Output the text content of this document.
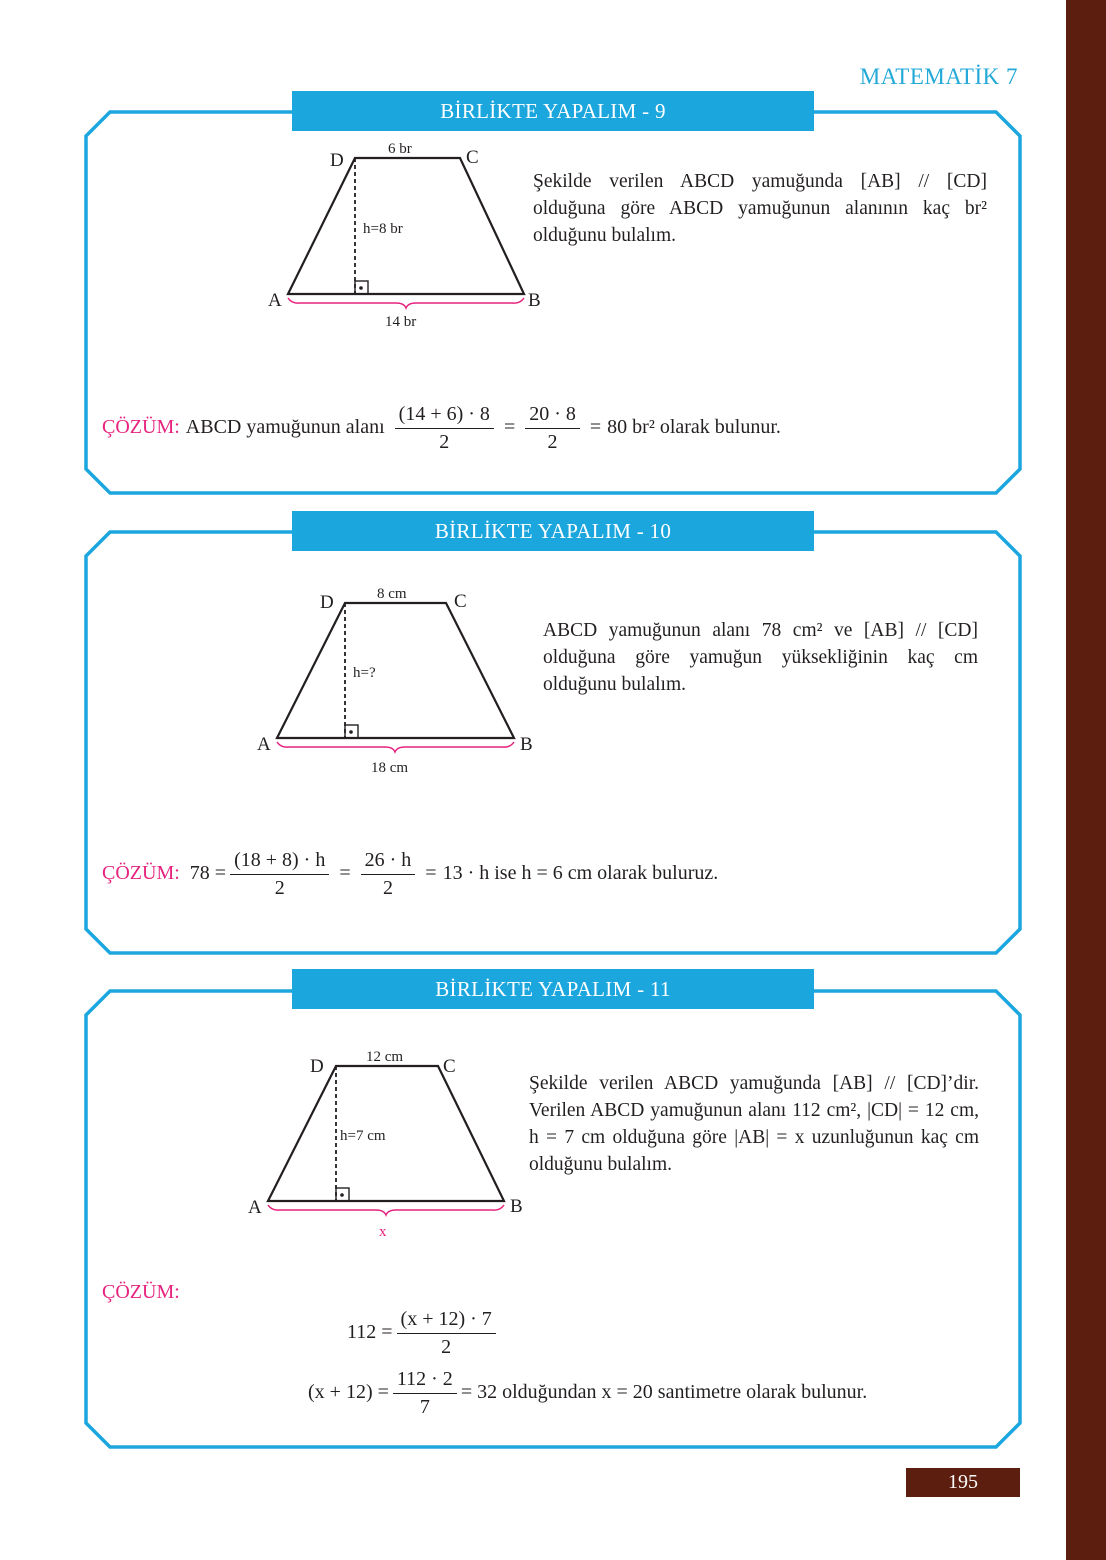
MATEMATİK 7
BİRLİKTE YAPALIM - 9
D	C
A	B
6 br
h=8 br
14 br
Şekilde verilen ABCD yamuğunda [AB] // [CD] olduğuna göre ABCD yamuğunun alanının kaç br² olduğunu bulalım.
ÇÖZÜM: ABCD yamuğunun alanı $\frac{(14 + 6) \cdot 8}{2} = \frac{20 \cdot 8}{2} = 80$ br² olarak bulunur.
BİRLİKTE YAPALIM - 10
D	C
A	B
8 cm
h=?
18 cm
ABCD yamuğunun alanı 78 cm² ve [AB] // [CD] olduğuna göre yamuğun yüksekliğinin kaç cm olduğunu bulalım.
ÇÖZÜM: $78 = \frac{(18 + 8) \cdot h}{2} = \frac{26 \cdot h}{2} = 13 \cdot h$ ise h = 6 cm olarak buluruz.
BİRLİKTE YAPALIM - 11
D	C
A	B
12 cm
h=7 cm
x
Şekilde verilen ABCD yamuğunda [AB] // [CD]’dir. Verilen ABCD yamuğunun alanı 112 cm², |CD| = 12 cm, h = 7 cm olduğuna göre |AB| = x uzunluğunun kaç cm olduğunu bulalım.
ÇÖZÜM:
$112 = \frac{(x + 12) \cdot 7}{2}$
$(x + 12) = \frac{112 \cdot 2}{7} = 32$ olduğundan x = 20 santimetre olarak bulunur.
195
